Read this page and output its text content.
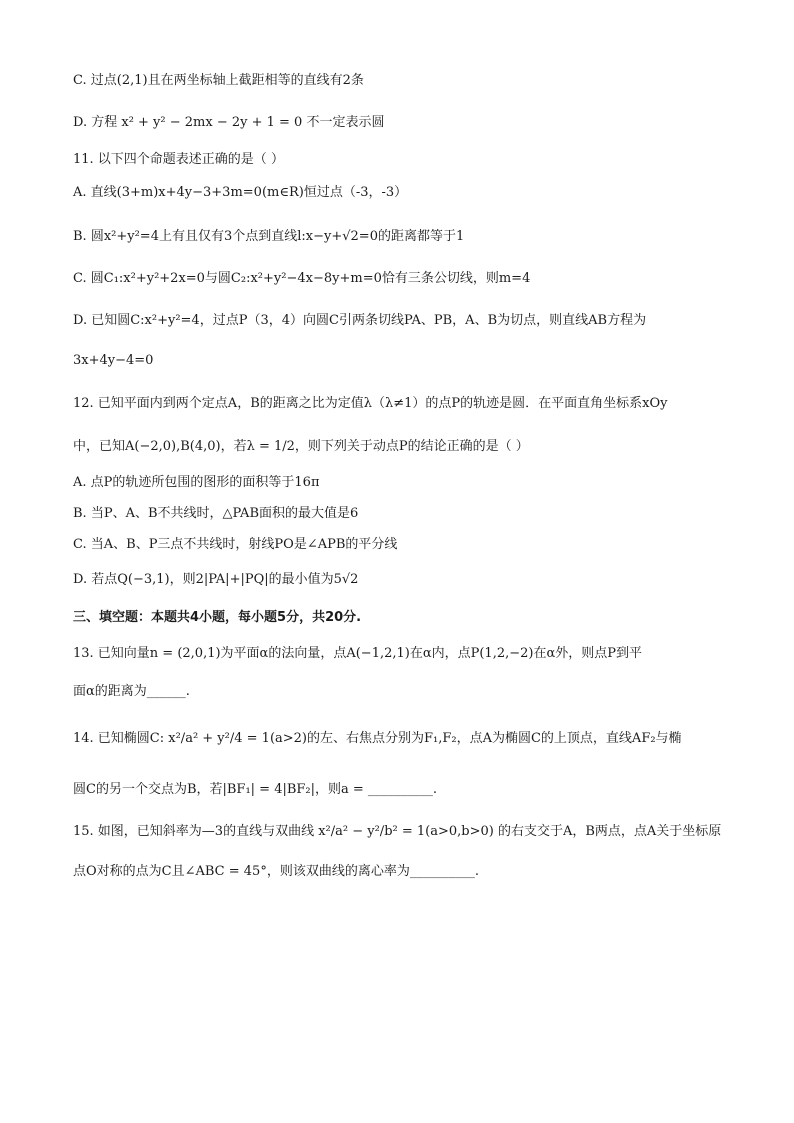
C. 过点(2,1)且在两坐标轴上截距相等的直线有2条
D. 方程 x² + y² − 2mx − 2y + 1 = 0 不一定表示圆
11. 以下四个命题表述正确的是（ ）
A. 直线(3+m)x+4y−3+3m=0(m∈R)恒过点（-3，-3）
B. 圆x²+y²=4上有且仅有3个点到直线l:x−y+√2=0的距离都等于1
C. 圆C₁:x²+y²+2x=0与圆C₂:x²+y²−4x−8y+m=0恰有三条公切线，则m=4
D. 已知圆C:x²+y²=4，过点P（3，4）向圆C引两条切线PA、PB，A、B为切点，则直线AB方程为
3x+4y−4=0
12. 已知平面内到两个定点A，B的距离之比为定值λ（λ≠1）的点P的轨迹是圆．在平面直角坐标系xOy
中，已知A(−2,0),B(4,0)，若λ = 1/2，则下列关于动点P的结论正确的是（ ）
A. 点P的轨迹所包围的图形的面积等于16π
B. 当P、A、B不共线时，△PAB面积的最大值是6
C. 当A、B、P三点不共线时，射线PO是∠APB的平分线
D. 若点Q(−3,1)，则2|PA|+|PQ|的最小值为5√2
三、填空题：本题共4小题，每小题5分，共20分.
13. 已知向量n = (2,0,1)为平面α的法向量，点A(−1,2,1)在α内，点P(1,2,−2)在α外，则点P到平
面α的距离为______.
14. 已知椭圆C: x²/a² + y²/4 = 1(a>2)的左、右焦点分别为F₁,F₂，点A为椭圆C的上顶点，直线AF₂与椭
圆C的另一个交点为B，若|BF₁| = 4|BF₂|，则a = __________.
15. 如图，已知斜率为—3的直线与双曲线 x²/a² − y²/b² = 1(a>0,b>0) 的右支交于A，B两点，点A关于坐标原
点O对称的点为C且∠ABC = 45°，则该双曲线的离心率为__________.
